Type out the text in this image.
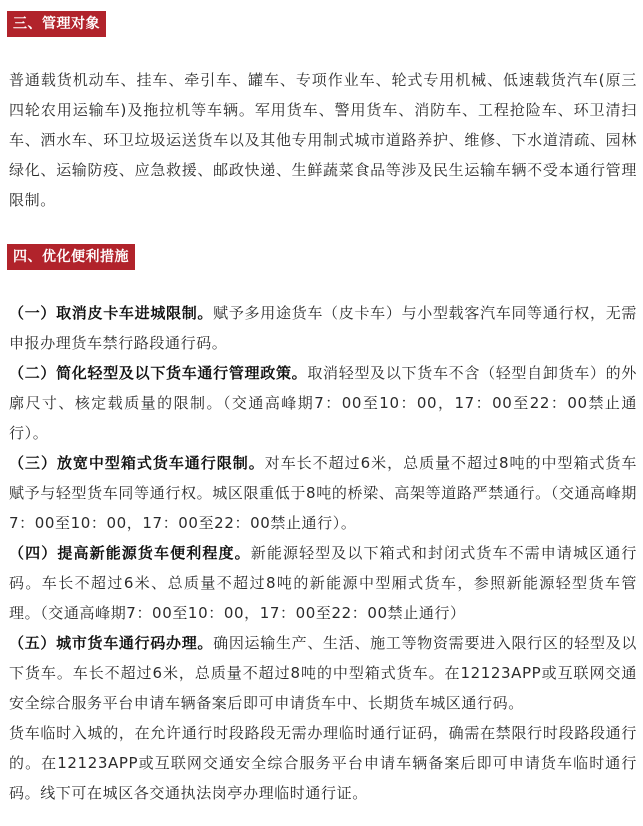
三、管理对象

普通载货机动车、挂车、牵引车、罐车、专项作业车、轮式专用机械、低速载货汽车(原三四轮农用运输车)及拖拉机等车辆。军用货车、警用货车、消防车、工程抢险车、环卫清扫车、洒水车、环卫垃圾运送货车以及其他专用制式城市道路养护、维修、下水道清疏、园林绿化、运输防疫、应急救援、邮政快递、生鲜蔬菜食品等涉及民生运输车辆不受本通行管理限制。

四、优化便利措施
（一）取消皮卡车进城限制。赋予多用途货车（皮卡车）与小型载客汽车同等通行权，无需申报办理货车禁行路段通行码。
（二）简化轻型及以下货车通行管理政策。取消轻型及以下货车不含（轻型自卸货车）的外廓尺寸、核定载质量的限制。（交通高峰期7：00至10：00，17：00至22：00禁止通行）。
（三）放宽中型箱式货车通行限制。对车长不超过6米，总质量不超过8吨的中型箱式货车赋予与轻型货车同等通行权。城区限重低于8吨的桥梁、高架等道路严禁通行。（交通高峰期7：00至10：00，17：00至22：00禁止通行）。
（四）提高新能源货车便利程度。新能源轻型及以下箱式和封闭式货车不需申请城区通行码。车长不超过6米、总质量不超过8吨的新能源中型厢式货车，参照新能源轻型货车管理。（交通高峰期7：00至10：00，17：00至22：00禁止通行）
（五）城市货车通行码办理。确因运输生产、生活、施工等物资需要进入限行区的轻型及以下货车。车长不超过6米，总质量不超过8吨的中型箱式货车。在12123APP或互联网交通安全综合服务平台申请车辆备案后即可申请货车中、长期货车城区通行码。
货车临时入城的，在允许通行时段路段无需办理临时通行证码，确需在禁限行时段路段通行的。在12123APP或互联网交通安全综合服务平台申请车辆备案后即可申请货车临时通行码。线下可在城区各交通执法岗亭办理临时通行证。
